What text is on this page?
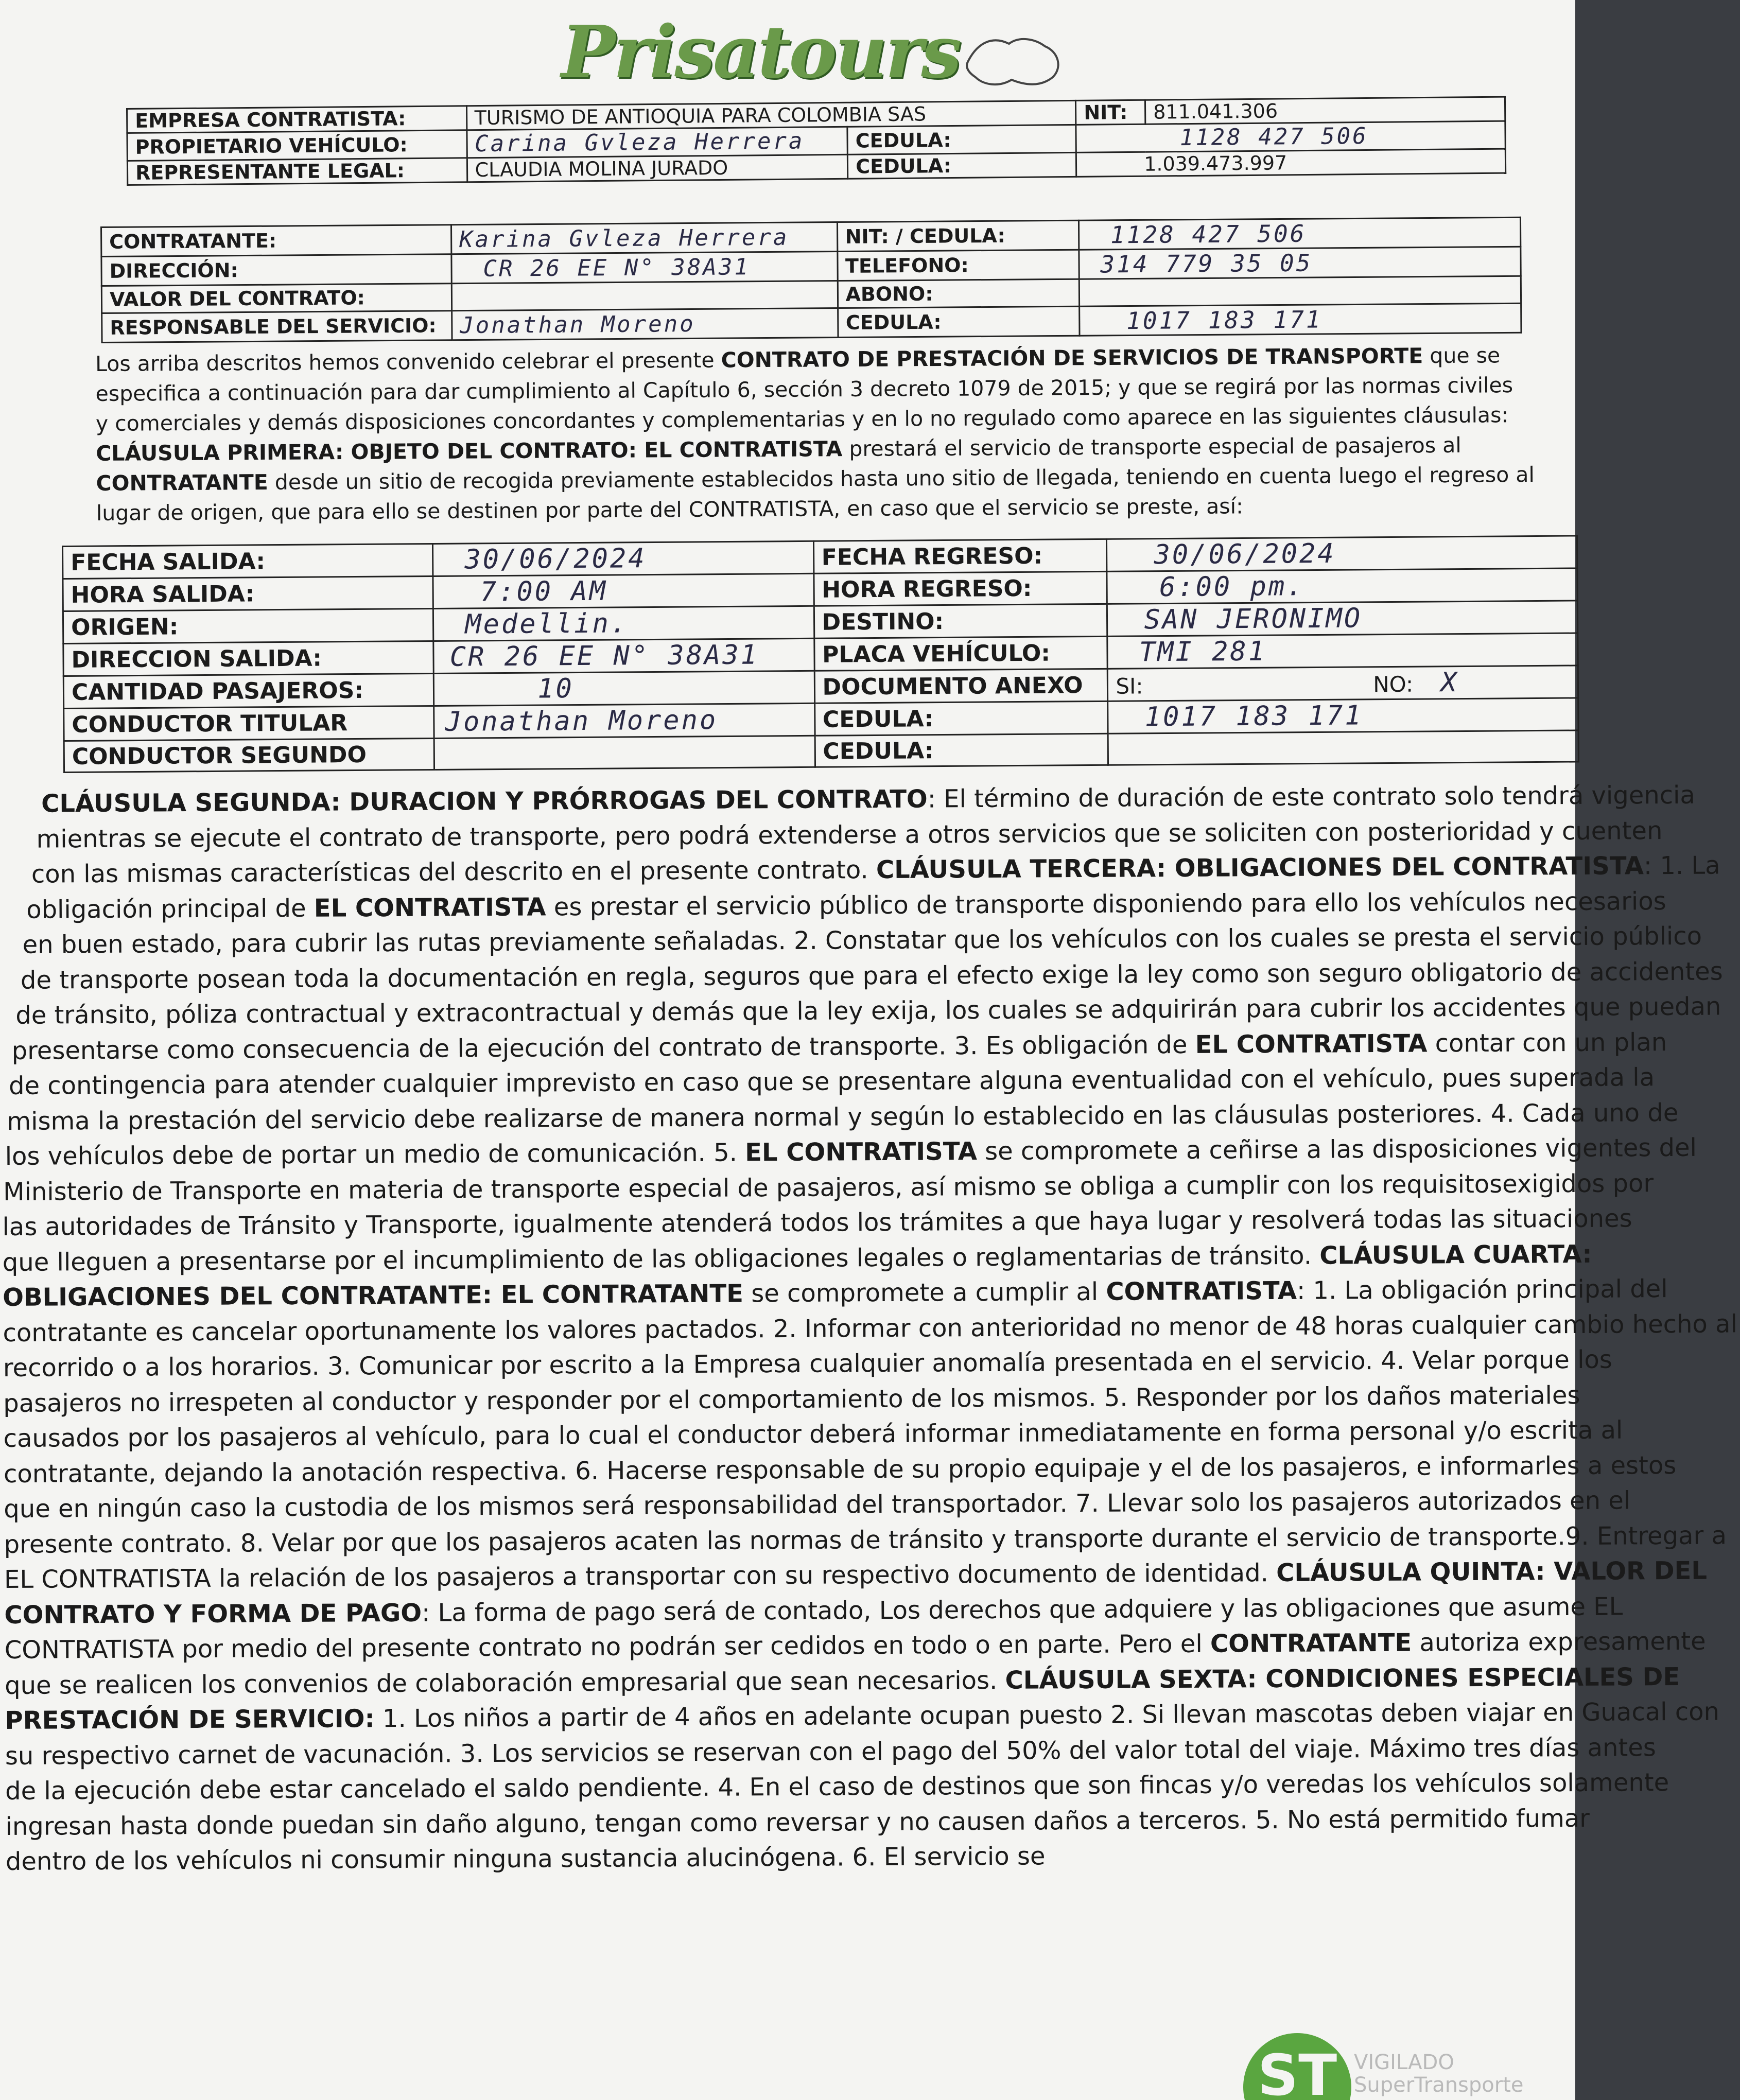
Prisatours
EMPRESA CONTRATISTA:	TURISMO DE ANTIOQUIA PARA COLOMBIA SAS		NIT:	811.041.306
PROPIETARIO VEHÍCULO:	Carina Gvleza Herrera	CEDULA:	1128 427 506	
REPRESENTANTE LEGAL:	CLAUDIA MOLINA JURADO	CEDULA:	1.039.473.997	
CONTRATANTE:	Karina Gvleza Herrera	NIT: / CEDULA:	1128 427 506
DIRECCIÓN:	CR 26 EE N° 38A31	TELEFONO:	314 779 35 05
VALOR DEL CONTRATO:		ABONO:	
RESPONSABLE DEL SERVICIO:	Jonathan Moreno	CEDULA:	1017 183 171
Los arriba descritos hemos convenido celebrar el presente CONTRATO DE PRESTACIÓN DE SERVICIOS DE TRANSPORTE que se
especifica a continuación para dar cumplimiento al Capítulo 6, sección 3 decreto 1079 de 2015; y que se regirá por las normas civiles
y comerciales y demás disposiciones concordantes y complementarias y en lo no regulado como aparece en las siguientes cláusulas:
CLÁUSULA PRIMERA: OBJETO DEL CONTRATO: EL CONTRATISTA prestará el servicio de transporte especial de pasajeros al
CONTRATANTE desde un sitio de recogida previamente establecidos hasta uno sitio de llegada, teniendo en cuenta luego el regreso al
lugar de origen, que para ello se destinen por parte del CONTRATISTA, en caso que el servicio se preste, así:
FECHA SALIDA:	30/06/2024	FECHA REGRESO:	30/06/2024
HORA SALIDA:	7:00 AM	HORA REGRESO:	6:00 pm.
ORIGEN:	Medellin.	DESTINO:	SAN JERONIMO
DIRECCION SALIDA:	CR 26 EE N° 38A31	PLACA VEHÍCULO:	TMI 281
CANTIDAD PASAJEROS:	10	DOCUMENTO ANEXO	SI: NO: X
CONDUCTOR TITULAR	Jonathan Moreno	CEDULA:	1017 183 171
CONDUCTOR SEGUNDO		CEDULA:	
CLÁUSULA SEGUNDA: DURACION Y PRÓRROGAS DEL CONTRATO: El término de duración de este contrato solo tendrá vigencia
mientras se ejecute el contrato de transporte, pero podrá extenderse a otros servicios que se soliciten con posterioridad y cuenten
con las mismas características del descrito en el presente contrato. CLÁUSULA TERCERA: OBLIGACIONES DEL CONTRATISTA: 1. La
obligación principal de EL CONTRATISTA es prestar el servicio público de transporte disponiendo para ello los vehículos necesarios
en buen estado, para cubrir las rutas previamente señaladas. 2. Constatar que los vehículos con los cuales se presta el servicio público
de transporte posean toda la documentación en regla, seguros que para el efecto exige la ley como son seguro obligatorio de accidentes
de tránsito, póliza contractual y extracontractual y demás que la ley exija, los cuales se adquirirán para cubrir los accidentes que puedan
presentarse como consecuencia de la ejecución del contrato de transporte. 3. Es obligación de EL CONTRATISTA contar con un plan
de contingencia para atender cualquier imprevisto en caso que se presentare alguna eventualidad con el vehículo, pues superada la
misma la prestación del servicio debe realizarse de manera normal y según lo establecido en las cláusulas posteriores. 4. Cada uno de
los vehículos debe de portar un medio de comunicación. 5. EL CONTRATISTA se compromete a ceñirse a las disposiciones vigentes del
Ministerio de Transporte en materia de transporte especial de pasajeros, así mismo se obliga a cumplir con los requisitosexigidos por
las autoridades de Tránsito y Transporte, igualmente atenderá todos los trámites a que haya lugar y resolverá todas las situaciones
que lleguen a presentarse por el incumplimiento de las obligaciones legales o reglamentarias de tránsito. CLÁUSULA CUARTA:
OBLIGACIONES DEL CONTRATANTE: EL CONTRATANTE se compromete a cumplir al CONTRATISTA: 1. La obligación principal del
contratante es cancelar oportunamente los valores pactados. 2. Informar con anterioridad no menor de 48 horas cualquier cambio hecho al
recorrido o a los horarios. 3. Comunicar por escrito a la Empresa cualquier anomalía presentada en el servicio. 4. Velar porque los
pasajeros no irrespeten al conductor y responder por el comportamiento de los mismos. 5. Responder por los daños materiales
causados por los pasajeros al vehículo, para lo cual el conductor deberá informar inmediatamente en forma personal y/o escrita al
contratante, dejando la anotación respectiva. 6. Hacerse responsable de su propio equipaje y el de los pasajeros, e informarles a estos
que en ningún caso la custodia de los mismos será responsabilidad del transportador. 7. Llevar solo los pasajeros autorizados en el
presente contrato. 8. Velar por que los pasajeros acaten las normas de tránsito y transporte durante el servicio de transporte.9. Entregar a
EL CONTRATISTA la relación de los pasajeros a transportar con su respectivo documento de identidad. CLÁUSULA QUINTA: VALOR DEL
CONTRATO Y FORMA DE PAGO: La forma de pago será de contado, Los derechos que adquiere y las obligaciones que asume EL
CONTRATISTA por medio del presente contrato no podrán ser cedidos en todo o en parte. Pero el CONTRATANTE autoriza expresamente
que se realicen los convenios de colaboración empresarial que sean necesarios. CLÁUSULA SEXTA: CONDICIONES ESPECIALES DE
PRESTACIÓN DE SERVICIO: 1. Los niños a partir de 4 años en adelante ocupan puesto 2. Si llevan mascotas deben viajar en Guacal con
su respectivo carnet de vacunación. 3. Los servicios se reservan con el pago del 50% del valor total del viaje. Máximo tres días antes
de la ejecución debe estar cancelado el saldo pendiente. 4. En el caso de destinos que son fincas y/o veredas los vehículos solamente
ingresan hasta donde puedan sin daño alguno, tengan como reversar y no causen daños a terceros. 5. No está permitido fumar
dentro de los vehículos ni consumir ninguna sustancia alucinógena. 6. El servicio se
ST VIGILADO
SuperTransporte
